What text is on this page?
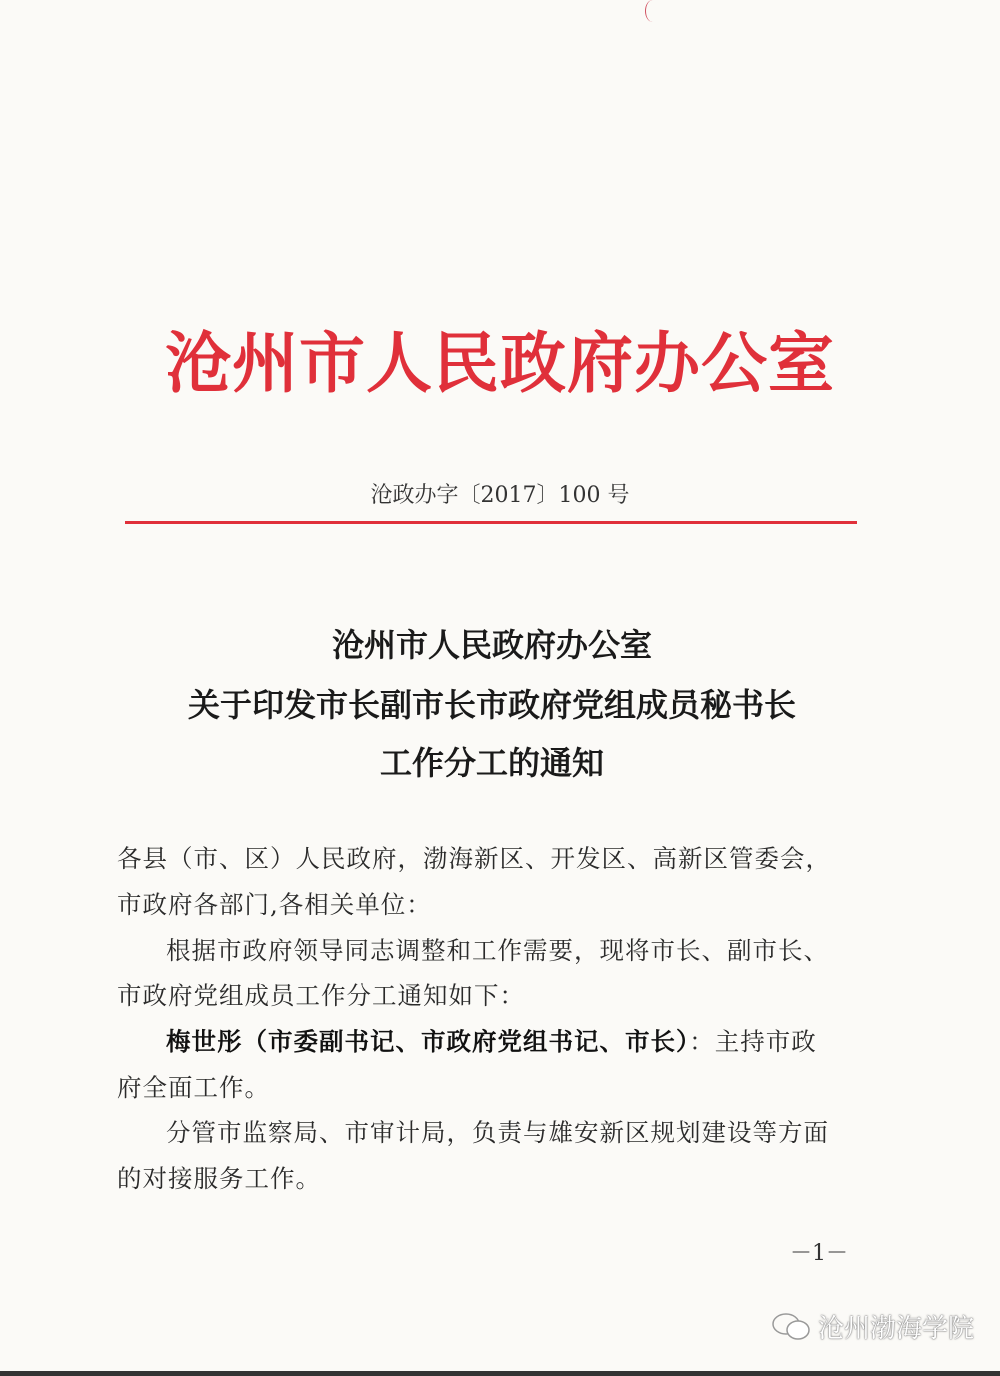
沧州市人民政府办公室
沧政办字〔2017〕100 号
沧州市人民政府办公室
关于印发市长副市长市政府党组成员秘书长
工作分工的通知
各县（市、区）人民政府，渤海新区、开发区、高新区管委会，
市政府各部门,各相关单位：
根据市政府领导同志调整和工作需要，现将市长、副市长、
市政府党组成员工作分工通知如下：
梅世彤（市委副书记、市政府党组书记、市长）：主持市政
府全面工作。
分管市监察局、市审计局，负责与雄安新区规划建设等方面
的对接服务工作。
－1－
沧州渤海学院
